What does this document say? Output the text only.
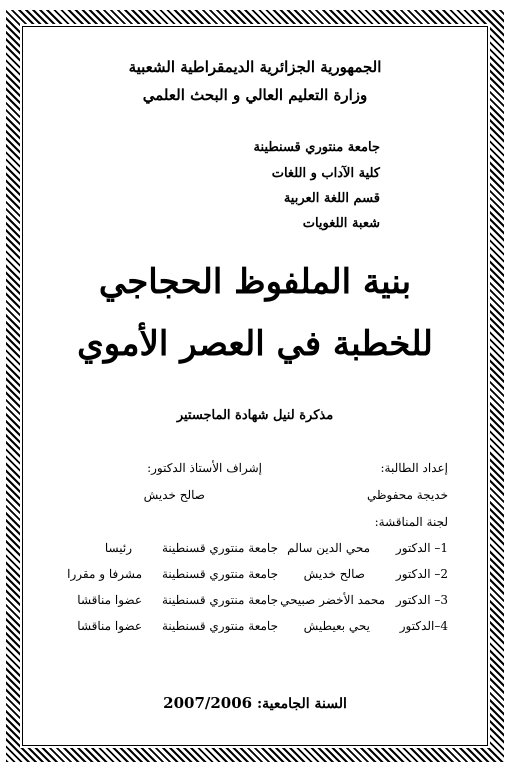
الجمهورية الجزائرية الديمقراطية الشعبية
وزارة التعليم العالي و البحث العلمي
جامعة منتوري قسنطينة
كلية الآداب و اللغات
قسم اللغة العربية
شعبة اللغويات
بنية الملفوظ الحجاجي
للخطبة في العصر الأموي
مذكرة لنيل شهادة الماجستير
إعداد الطالبة:
إشراف الأستاذ الدكتور:
خديجة محفوظي
صالح خديش
لجنة المناقشة:
1– الدكتور
محي الدين سالم
جامعة منتوري قسنطينة
رئيسا
2– الدكتور
صالح خديش
جامعة منتوري قسنطينة
مشرفا و مقررا
3– الدكتور
محمد الأخضر صبيحي
جامعة منتوري قسنطينة
عضوا مناقشا
4–الدكتور
يحي بعيطيش
جامعة منتوري قسنطينة
عضوا مناقشا
2007/2006 السنة الجامعية:
